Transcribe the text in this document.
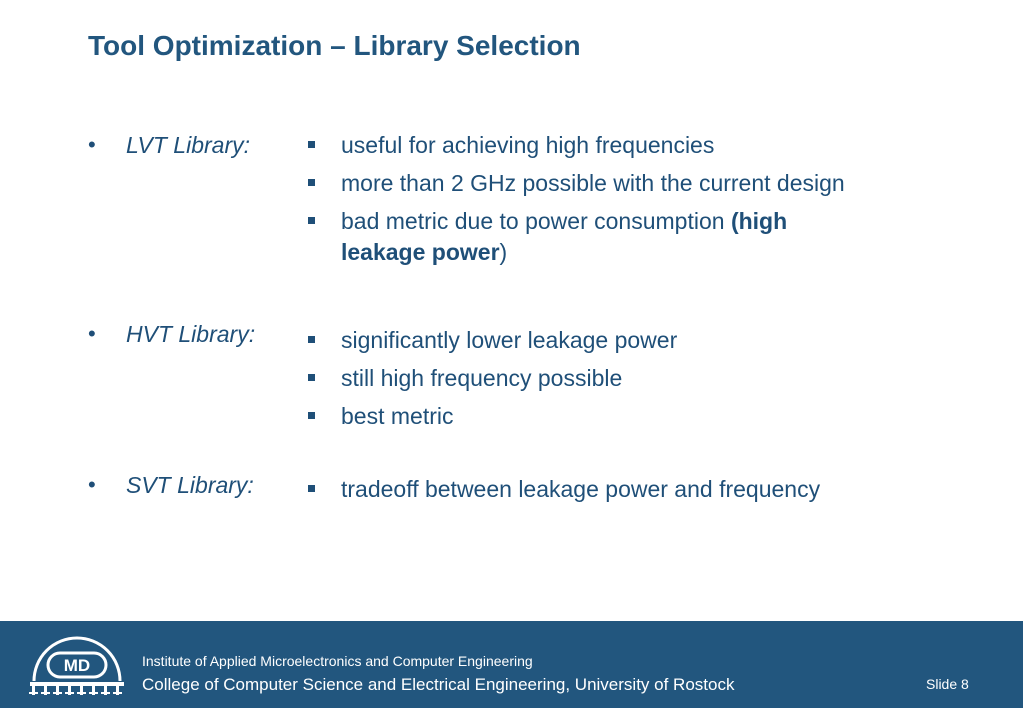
Tool Optimization – Library Selection
• LVT Library:	useful for achieving high frequencies
more than 2 GHz possible with the current design
bad metric due to power consumption (high leakage power)
• HVT Library:	significantly lower leakage power
still high frequency possible
best metric
• SVT Library:	tradeoff between leakage power and frequency
MD	Institute of Applied Microelectronics and Computer Engineering
College of Computer Science and Electrical Engineering, University of Rostock	Slide 8
